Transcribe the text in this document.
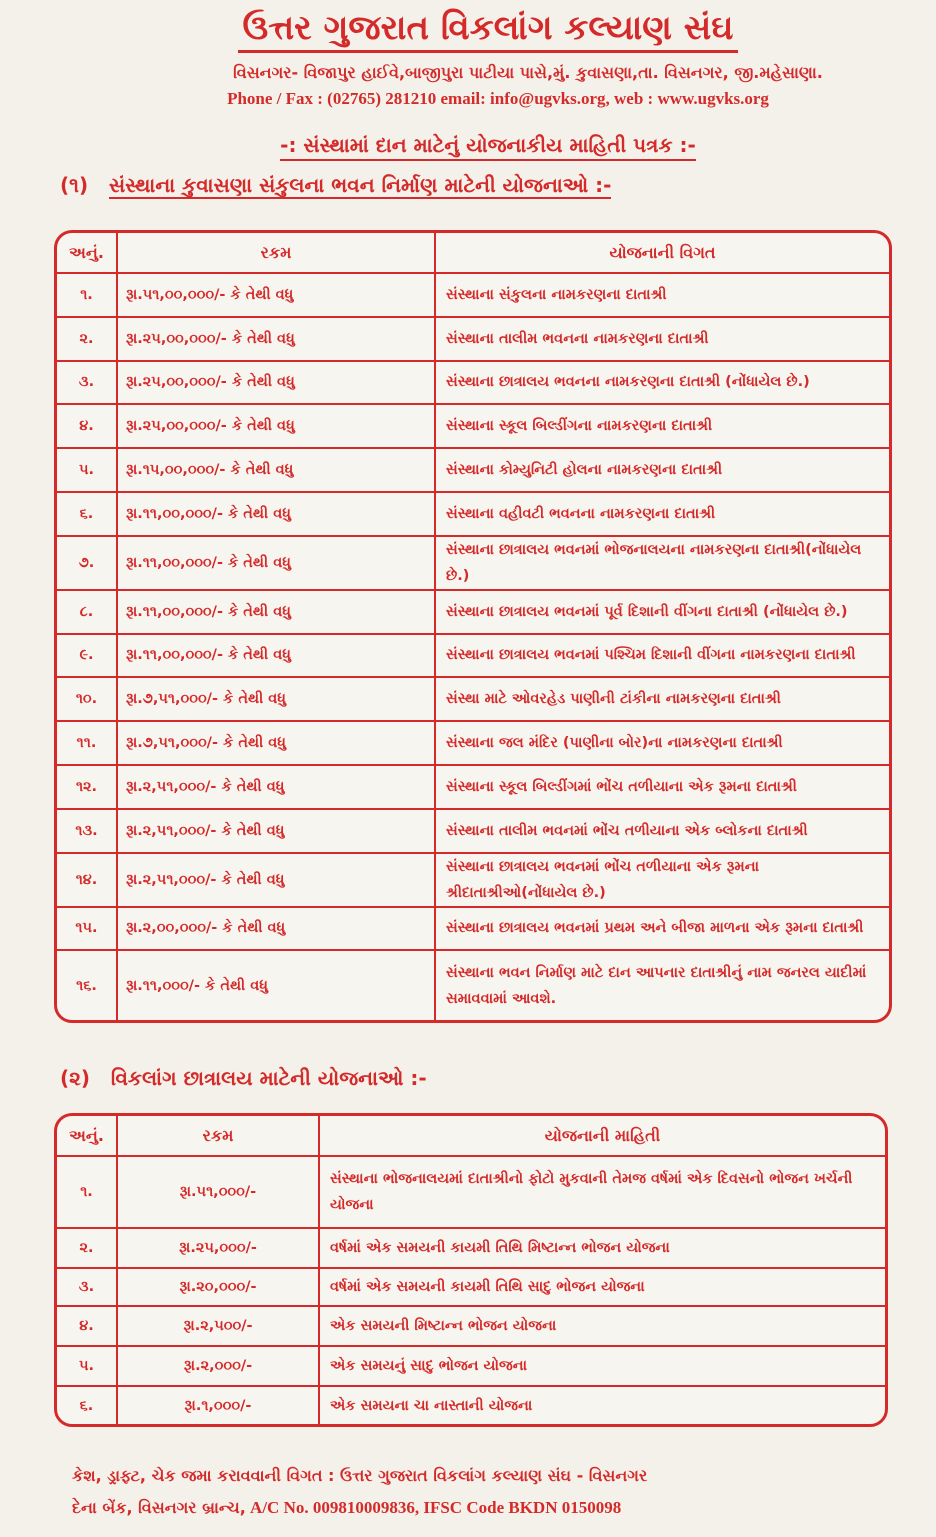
ઉત્તર ગુજરાત વિકલાંગ કલ્યાણ સંઘ
વિસનગર- વિજાપુર હાઈવે,બાજીપુરા પાટીયા પાસે,મું. કુવાસણા,તા. વિસનગર, જી.મહેસાણા.
Phone / Fax : (02765) 281210 email: info@ugvks.org, web : www.ugvks.org
-: સંસ્થામાં દાન માટેનું યોજનાકીય માહિતી પત્રક :-
(૧) સંસ્થાના કુવાસણા સંકુલના ભવન નિર્માણ માટેની યોજનાઓ :-
અનું.	રકમ	યોજનાની વિગત
૧.	રૂા.૫૧,૦૦,૦૦૦/- કે તેથી વધુ	સંસ્થાના સંકુલના નામકરણના દાતાશ્રી
૨.	રૂા.૨૫,૦૦,૦૦૦/- કે તેથી વધુ	સંસ્થાના તાલીમ ભવનના નામકરણના દાતાશ્રી
૩.	રૂા.૨૫,૦૦,૦૦૦/- કે તેથી વધુ	સંસ્થાના છાત્રાલય ભવનના નામકરણના દાતાશ્રી (નોંધાયેલ છે.)
૪.	રૂા.૨૫,૦૦,૦૦૦/- કે તેથી વધુ	સંસ્થાના સ્કૂલ બિલ્ડીંગના નામકરણના દાતાશ્રી
૫.	રૂા.૧૫,૦૦,૦૦૦/- કે તેથી વધુ	સંસ્થાના કોમ્યુનિટી હોલના નામકરણના દાતાશ્રી
૬.	રૂા.૧૧,૦૦,૦૦૦/- કે તેથી વધુ	સંસ્થાના વહીવટી ભવનના નામકરણના દાતાશ્રી
૭.	રૂા.૧૧,૦૦,૦૦૦/- કે તેથી વધુ	સંસ્થાના છાત્રાલય ભવનમાં ભોજનાલયના નામકરણના દાતાશ્રી(નોંધાયેલ છે.)
૮.	રૂા.૧૧,૦૦,૦૦૦/- કે તેથી વધુ	સંસ્થાના છાત્રાલય ભવનમાં પૂર્વ દિશાની વીંગના દાતાશ્રી (નોંધાયેલ છે.)
૯.	રૂા.૧૧,૦૦,૦૦૦/- કે તેથી વધુ	સંસ્થાના છાત્રાલય ભવનમાં પશ્ચિમ દિશાની વીંગના નામકરણના દાતાશ્રી
૧૦.	રૂા.૭,૫૧,૦૦૦/- કે તેથી વધુ	સંસ્થા માટે ઓવરહેડ પાણીની ટાંકીના નામકરણના દાતાશ્રી
૧૧.	રૂા.૭,૫૧,૦૦૦/- કે તેથી વધુ	સંસ્થાના જલ મંદિર (પાણીના બોર)ના નામકરણના દાતાશ્રી
૧૨.	રૂા.૨,૫૧,૦૦૦/- કે તેથી વધુ	સંસ્થાના સ્કૂલ બિલ્ડીંગમાં ભોંચ તળીયાના એક રૂમના દાતાશ્રી
૧૩.	રૂા.૨,૫૧,૦૦૦/- કે તેથી વધુ	સંસ્થાના તાલીમ ભવનમાં ભોંચ તળીયાના એક બ્લોકના દાતાશ્રી
૧૪.	રૂા.૨,૫૧,૦૦૦/- કે તેથી વધુ	સંસ્થાના છાત્રાલય ભવનમાં ભોંચ તળીયાના એક રૂમના શ્રીદાતાશ્રીઓ(નોંધાયેલ છે.)
૧૫.	રૂા.૨,૦૦,૦૦૦/- કે તેથી વધુ	સંસ્થાના છાત્રાલય ભવનમાં પ્રથમ અને બીજા માળના એક રૂમના દાતાશ્રી
૧૬.	રૂા.૧૧,૦૦૦/- કે તેથી વધુ	સંસ્થાના ભવન નિર્માણ માટે દાન આપનાર દાતાશ્રીનું નામ જનરલ યાદીમાં સમાવવામાં આવશે.
(૨) વિકલાંગ છાત્રાલય માટેની યોજનાઓ :-
અનું.	રકમ	યોજનાની માહિતી
૧.	રૂા.૫૧,૦૦૦/-	સંસ્થાના ભોજનાલયમાં દાતાશ્રીનો ફોટો મુકવાની તેમજ વર્ષમાં એક દિવસનો ભોજન ખર્ચની યોજના
૨.	રૂા.૨૫,૦૦૦/-	વર્ષમાં એક સમયની કાયમી તિથિ મિષ્ટાન્ન ભોજન યોજના
૩.	રૂા.૨૦,૦૦૦/-	વર્ષમાં એક સમયની કાયમી તિથિ સાદુ ભોજન યોજના
૪.	રૂા.૨,૫૦૦/-	એક સમયની મિષ્ટાન્ન ભોજન યોજના
૫.	રૂા.૨,૦૦૦/-	એક સમયનું સાદુ ભોજન યોજના
૬.	રૂા.૧,૦૦૦/-	એક સમયના ચા નાસ્તાની યોજના
કેશ, ડ્રાફ્ટ, ચેક જમા કરાવવાની વિગત : ઉત્તર ગુજરાત વિકલાંગ કલ્યાણ સંઘ - વિસનગર
દેના બેંક, વિસનગર બ્રાન્ચ, A/C No. 009810009836, IFSC Code BKDN 0150098
